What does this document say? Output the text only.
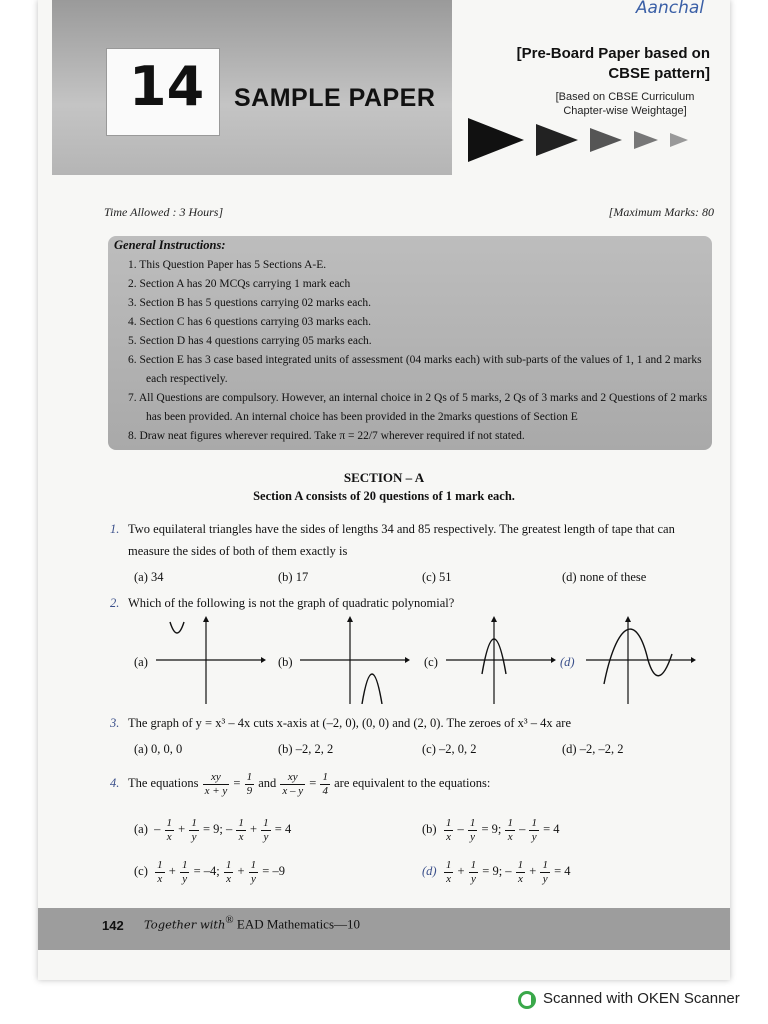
14 SAMPLE PAPER
Aanchal
[Pre-Board Paper based on
CBSE pattern]
[Based on CBSE Curriculum
Chapter-wise Weightage]
Time Allowed : 3 Hours]	[Maximum Marks: 80
General Instructions:
1. This Question Paper has 5 Sections A-E.
2. Section A has 20 MCQs carrying 1 mark each
3. Section B has 5 questions carrying 02 marks each.
4. Section C has 6 questions carrying 03 marks each.
5. Section D has 4 questions carrying 05 marks each.
6. Section E has 3 case based integrated units of assessment (04 marks each) with sub-parts of the values of 1, 1 and 2 marks each respectively.
7. All Questions are compulsory. However, an internal choice in 2 Qs of 5 marks, 2 Qs of 3 marks and 2 Questions of 2 marks has been provided. An internal choice has been provided in the 2marks questions of Section E
8. Draw neat figures wherever required. Take π = 22/7 wherever required if not stated.
SECTION – A
Section A consists of 20 questions of 1 mark each.
1. Two equilateral triangles have the sides of lengths 34 and 85 respectively. The greatest length of tape that can
measure the sides of both of them exactly is
(a) 34	(b) 17	(c) 51	(d) none of these
2. Which of the following is not the graph of quadratic polynomial?
(a)	(b)	(c)	(d)
3. The graph of y = x³ – 4x cuts x-axis at (–2, 0), (0, 0) and (2, 0). The zeroes of x³ – 4x are
(a) 0, 0, 0	(b) –2, 2, 2	(c) –2, 0, 2	(d) –2, –2, 2
4. The equations $\frac{xy}{x + y} = \frac{1}{9}$ and $\frac{xy}{x - y} = \frac{1}{4}$ are equivalent to the equations:
$(a) - \frac{1}{x} + \frac{1}{y} = 9$; – $\frac{1}{x} + \frac{1}{y} = 4$	$(b) \frac{1}{x} - \frac{1}{y} = 9$; $\frac{1}{x} - \frac{1}{y} = 4$
$(c) \frac{1}{x} + \frac{1}{y} = -4$; $\frac{1}{x} + \frac{1}{y} = -9$	$(d) \frac{1}{x} + \frac{1}{y} = 9$; – $\frac{1}{x} + \frac{1}{y} = 4$
142 Together with® EAD Mathematics—10
Scanned with OKEN Scanner
